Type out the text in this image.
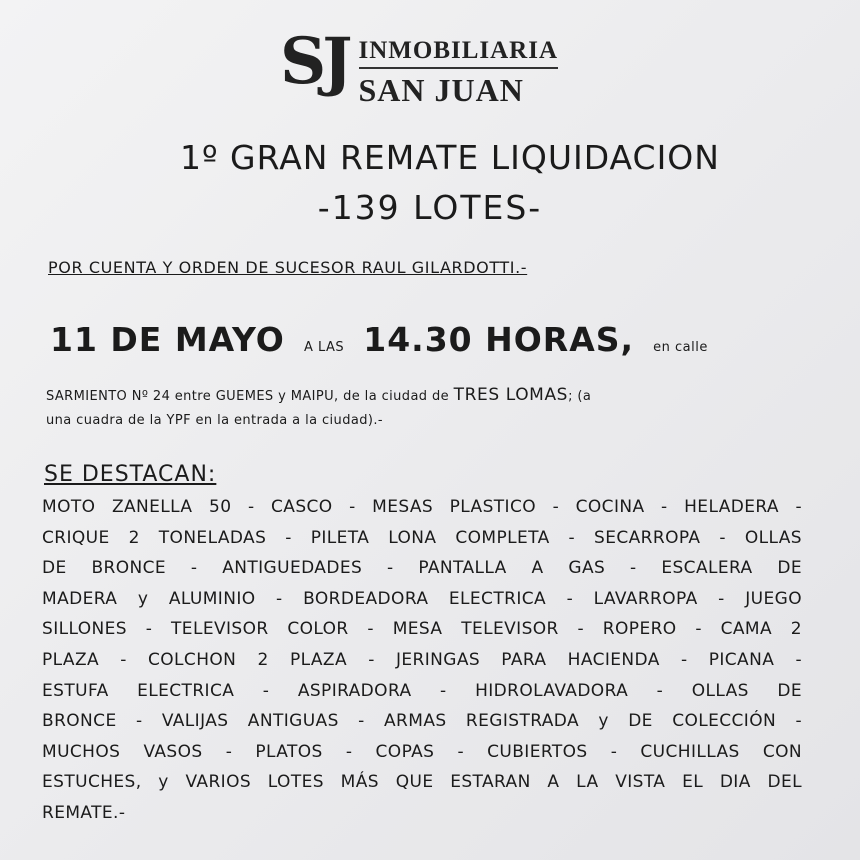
SJ INMOBILIARIA
SAN JUAN
1º GRAN REMATE LIQUIDACION
-139 LOTES-
POR CUENTA Y ORDEN DE SUCESOR RAUL GILARDOTTI.-
11 DE MAYO A LAS 14.30 HORAS, en calle
SARMIENTO Nº 24 entre GUEMES y MAIPU, de la ciudad de TRES LOMAS; (a
una cuadra de la YPF en la entrada a la ciudad).-
SE DESTACAN:
MOTO ZANELLA 50 - CASCO - MESAS PLASTICO - COCINA - HELADERA -
CRIQUE 2 TONELADAS - PILETA LONA COMPLETA - SECARROPA - OLLAS
DE BRONCE - ANTIGUEDADES - PANTALLA A GAS - ESCALERA DE
MADERA y ALUMINIO - BORDEADORA ELECTRICA - LAVARROPA - JUEGO
SILLONES - TELEVISOR COLOR - MESA TELEVISOR - ROPERO - CAMA 2
PLAZA - COLCHON 2 PLAZA - JERINGAS PARA HACIENDA - PICANA -
ESTUFA ELECTRICA - ASPIRADORA - HIDROLAVADORA - OLLAS DE
BRONCE - VALIJAS ANTIGUAS - ARMAS REGISTRADA y DE COLECCIÓN -
MUCHOS VASOS - PLATOS - COPAS - CUBIERTOS - CUCHILLAS CON
ESTUCHES, y VARIOS LOTES MÁS QUE ESTARAN A LA VISTA EL DIA DEL
REMATE.-
